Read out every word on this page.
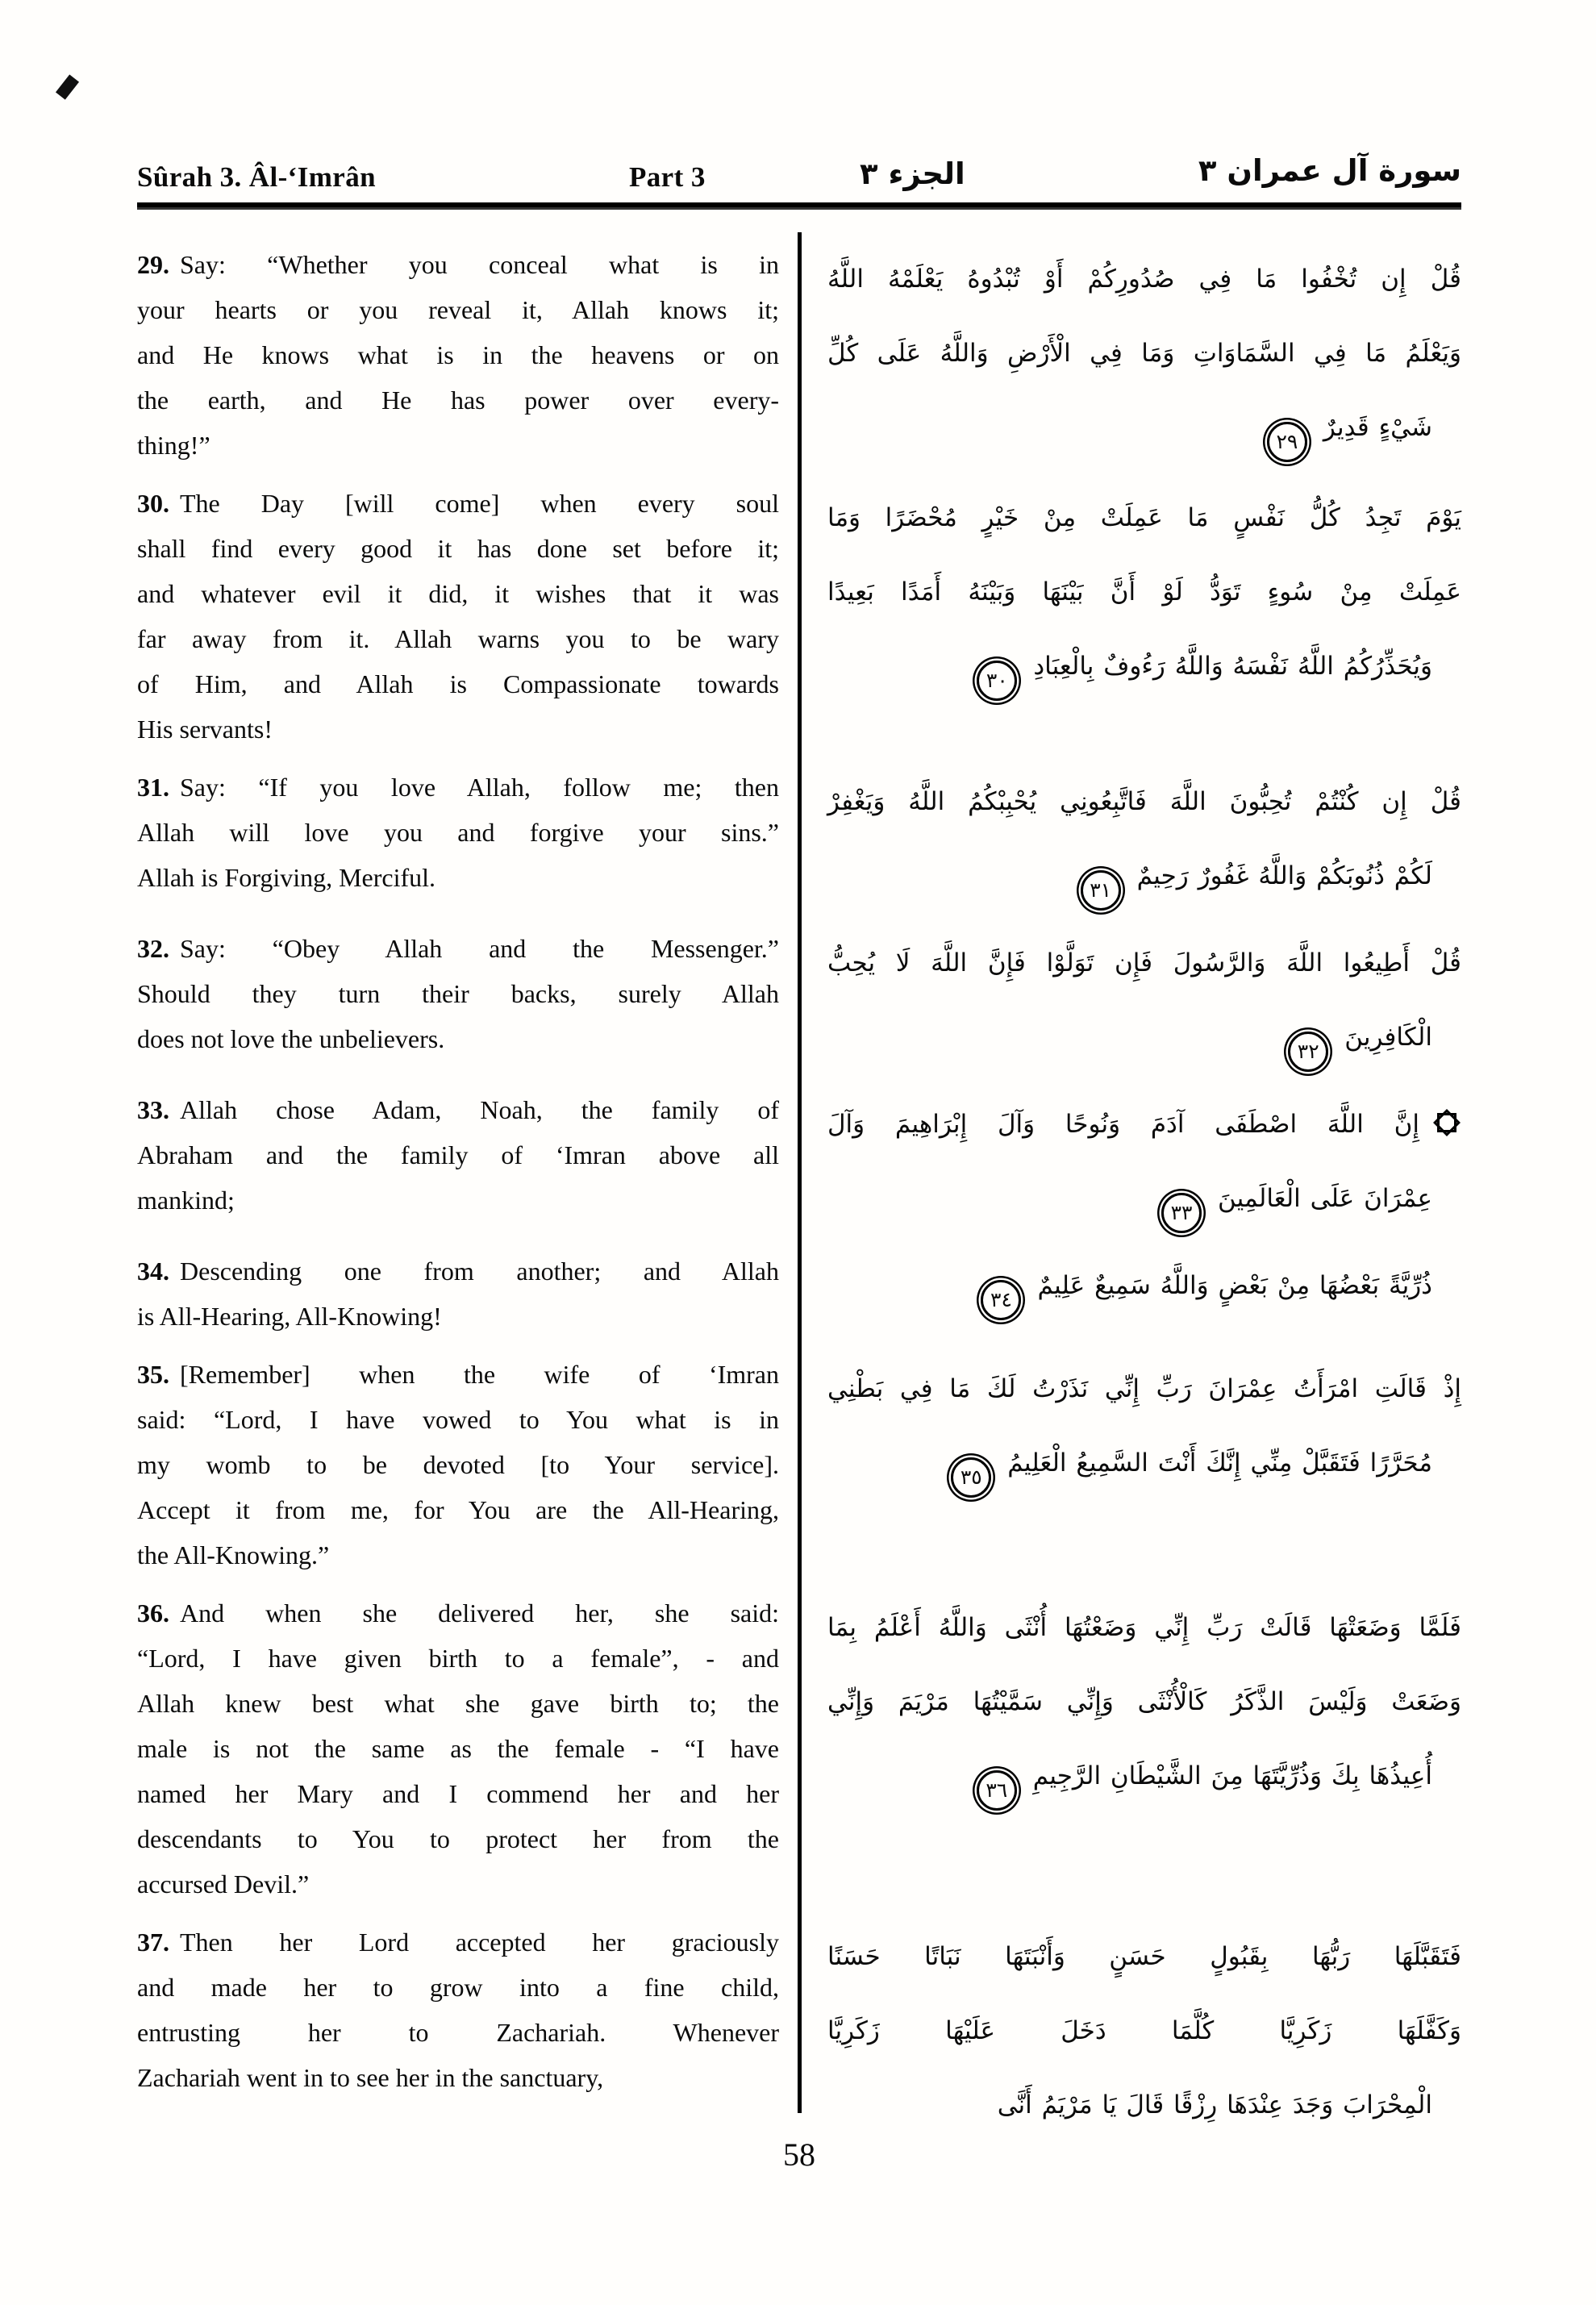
Sûrah 3. Âl-‘Imrân	Part 3	الجزء ٣	سورة آل عمران ٣
29. Say: “Whether you conceal what is in
your hearts or you reveal it, Allah knows it;
and He knows what is in the heavens or on
the earth, and He has power over every-
thing!”
قُلْ إِن تُخْفُوا مَا فِي صُدُورِكُمْ أَوْ تُبْدُوهُ يَعْلَمْهُ اللَّهُ
وَيَعْلَمُ مَا فِي السَّمَاوَاتِ وَمَا فِي الْأَرْضِ وَاللَّهُ عَلَى كُلِّ
شَيْءٍ قَدِيرٌ
٢٩
30. The Day [will come] when every soul
shall find every good it has done set before it;
and whatever evil it did, it wishes that it was
far away from it. Allah warns you to be wary
of Him, and Allah is Compassionate towards
His servants!
يَوْمَ تَجِدُ كُلُّ نَفْسٍ مَا عَمِلَتْ مِنْ خَيْرٍ مُحْضَرًا وَمَا
عَمِلَتْ مِنْ سُوءٍ تَوَدُّ لَوْ أَنَّ بَيْنَهَا وَبَيْنَهُ أَمَدًا بَعِيدًا
وَيُحَذِّرُكُمُ اللَّهُ نَفْسَهُ وَاللَّهُ رَءُوفٌ بِالْعِبَادِ
٣٠
31. Say: “If you love Allah, follow me; then
Allah will love you and forgive your sins.”
Allah is Forgiving, Merciful.
قُلْ إِن كُنْتُمْ تُحِبُّونَ اللَّهَ فَاتَّبِعُونِي يُحْبِبْكُمُ اللَّهُ وَيَغْفِرْ
لَكُمْ ذُنُوبَكُمْ وَاللَّهُ غَفُورٌ رَحِيمٌ
٣١
32. Say: “Obey Allah and the Messenger.”
Should they turn their backs, surely Allah
does not love the unbelievers.
قُلْ أَطِيعُوا اللَّهَ وَالرَّسُولَ فَإِن تَوَلَّوْا فَإِنَّ اللَّهَ لَا يُحِبُّ
الْكَافِرِينَ
٣٢
33. Allah chose Adam, Noah, the family of
Abraham and the family of ‘Imran above all
mankind;
إِنَّ اللَّهَ اصْطَفَى آدَمَ وَنُوحًا وَآلَ إِبْرَاهِيمَ وَآلَ
عِمْرَانَ عَلَى الْعَالَمِينَ
٣٣
34. Descending one from another; and Allah
is All-Hearing, All-Knowing!
ذُرِّيَّةً بَعْضُهَا مِنْ بَعْضٍ وَاللَّهُ سَمِيعٌ عَلِيمٌ
٣٤
35. [Remember] when the wife of ‘Imran
said: “Lord, I have vowed to You what is in
my womb to be devoted [to Your service].
Accept it from me, for You are the All-Hearing,
the All-Knowing.”
إِذْ قَالَتِ امْرَأَتُ عِمْرَانَ رَبِّ إِنِّي نَذَرْتُ لَكَ مَا فِي بَطْنِي
مُحَرَّرًا فَتَقَبَّلْ مِنِّي إِنَّكَ أَنْتَ السَّمِيعُ الْعَلِيمُ
٣٥
36. And when she delivered her, she said:
“Lord, I have given birth to a female”, - and
Allah knew best what she gave birth to; the
male is not the same as the female - “I have
named her Mary and I commend her and her
descendants to You to protect her from the
accursed Devil.”
فَلَمَّا وَضَعَتْهَا قَالَتْ رَبِّ إِنِّي وَضَعْتُهَا أُنْثَى وَاللَّهُ أَعْلَمُ بِمَا
وَضَعَتْ وَلَيْسَ الذَّكَرُ كَالْأُنْثَى وَإِنِّي سَمَّيْتُهَا مَرْيَمَ وَإِنِّي
أُعِيذُهَا بِكَ وَذُرِّيَّتَهَا مِنَ الشَّيْطَانِ الرَّجِيمِ
٣٦
37. Then her Lord accepted her graciously
and made her to grow into a fine child,
entrusting her to Zachariah. Whenever
Zachariah went in to see her in the sanctuary,
فَتَقَبَّلَهَا رَبُّهَا بِقَبُولٍ حَسَنٍ وَأَنْبَتَهَا نَبَاتًا حَسَنًا
وَكَفَّلَهَا زَكَرِيَّا كُلَّمَا دَخَلَ عَلَيْهَا زَكَرِيَّا
الْمِحْرَابَ وَجَدَ عِنْدَهَا رِزْقًا قَالَ يَا مَرْيَمُ أَنَّى
58
